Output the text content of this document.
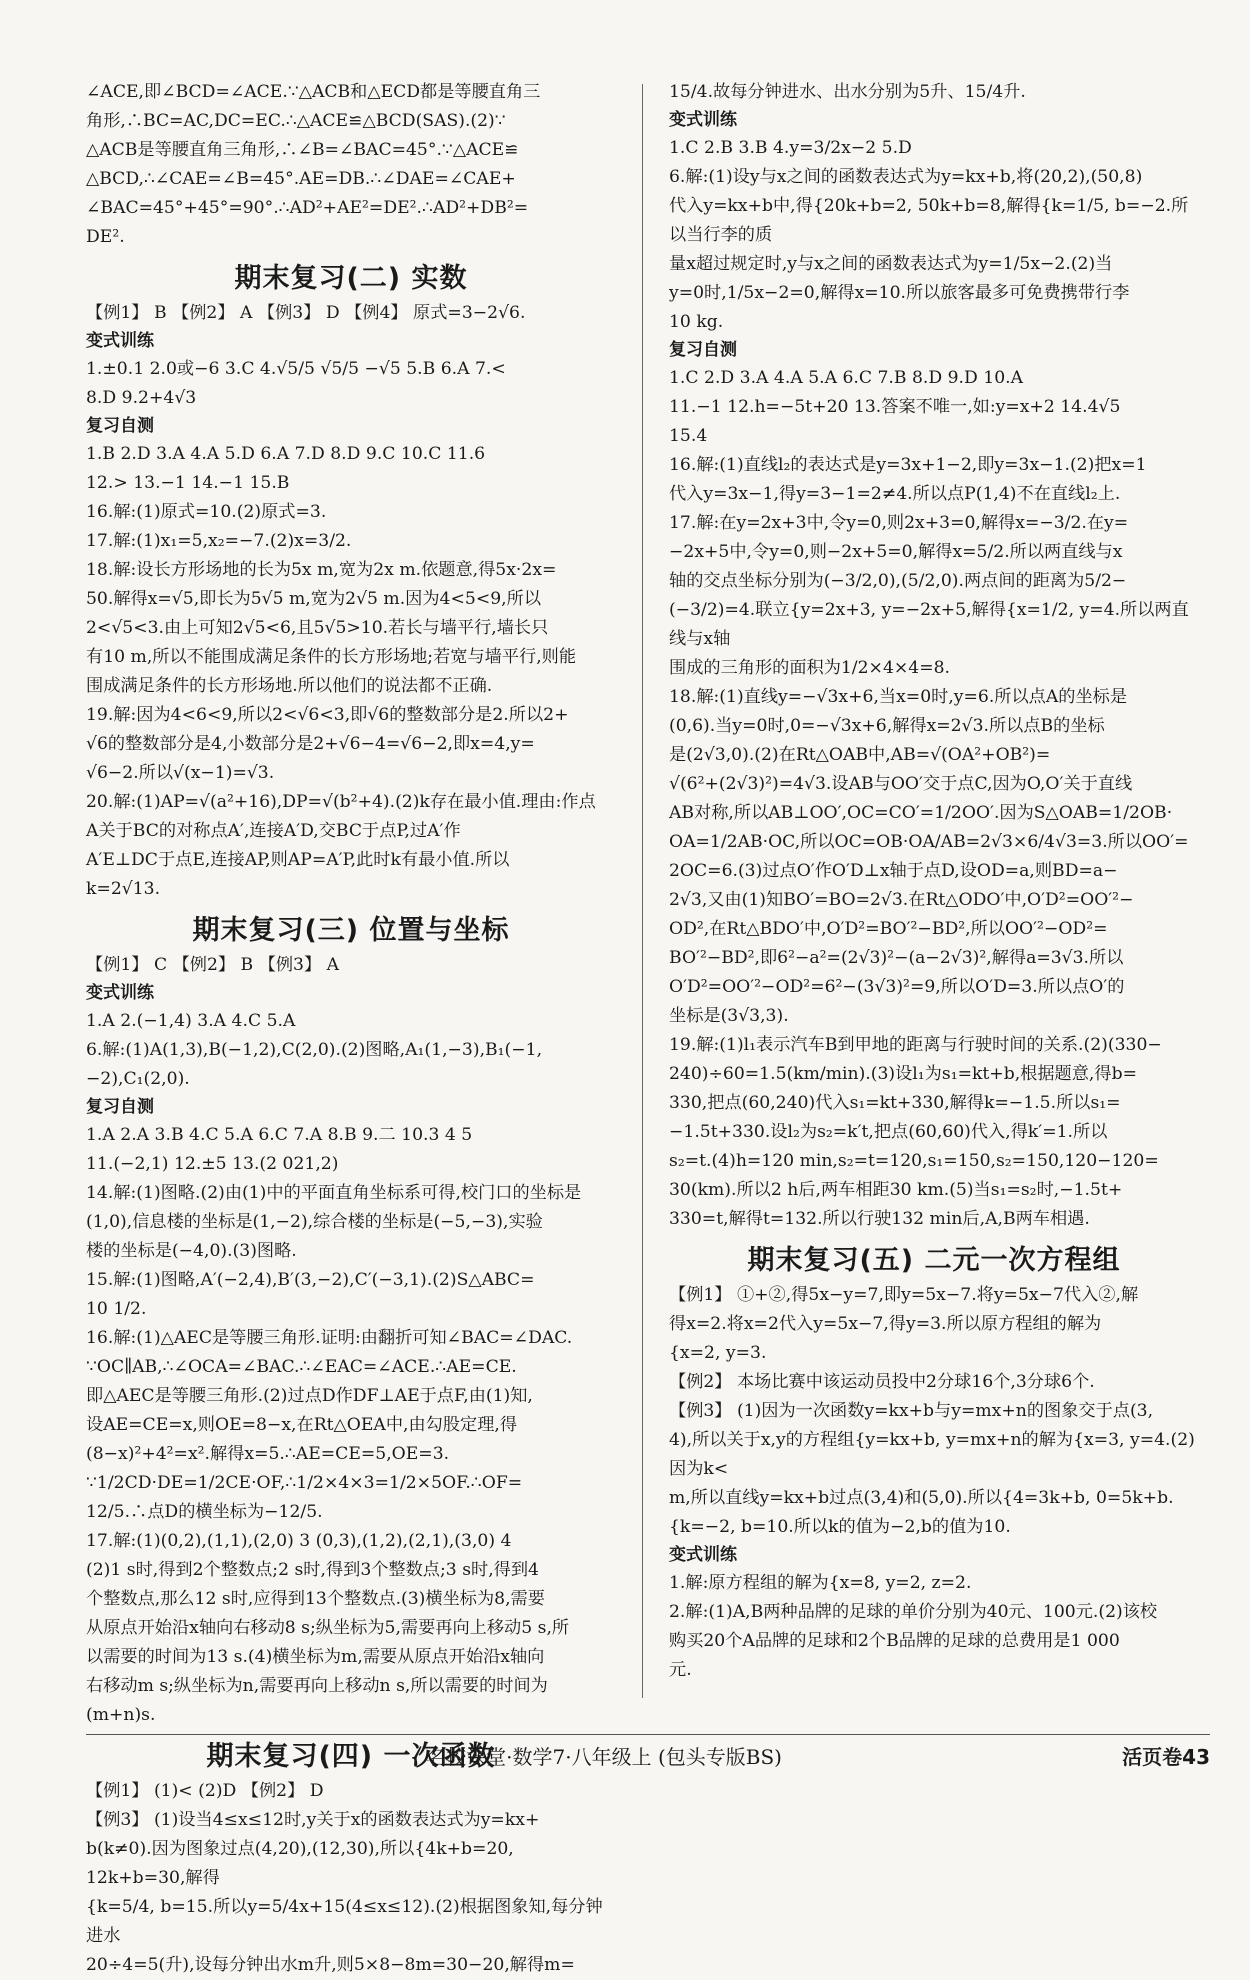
∠ACE,即∠BCD=∠ACE.∵△ACB和△ECD都是等腰直角三

角形,∴BC=AC,DC=EC.∴△ACE≌△BCD(SAS).(2)∵

△ACB是等腰直角三角形,∴∠B=∠BAC=45°.∵△ACE≌

△BCD,∴∠CAE=∠B=45°.AE=DB.∴∠DAE=∠CAE+

∠BAC=45°+45°=90°.∴AD²+AE²=DE².∴AD²+DB²=

DE².

期末复习(二) 实数

【例1】 B 【例2】 A 【例3】 D 【例4】 原式=3−2√6.

变式训练

1.±0.1 2.0或−6 3.C 4.√5/5 √5/5 −√5 5.B 6.A 7.<

8.D 9.2+4√3

复习自测

1.B 2.D 3.A 4.A 5.D 6.A 7.D 8.D 9.C 10.C 11.6

12.> 13.−1 14.−1 15.B

16.解:(1)原式=10.(2)原式=3.

17.解:(1)x₁=5,x₂=−7.(2)x=3/2.

18.解:设长方形场地的长为5x m,宽为2x m.依题意,得5x·2x=

50.解得x=√5,即长为5√5 m,宽为2√5 m.因为4<5<9,所以

2<√5<3.由上可知2√5<6,且5√5>10.若长与墙平行,墙长只

有10 m,所以不能围成满足条件的长方形场地;若宽与墙平行,则能

围成满足条件的长方形场地.所以他们的说法都不正确.

19.解:因为4<6<9,所以2<√6<3,即√6的整数部分是2.所以2+

√6的整数部分是4,小数部分是2+√6−4=√6−2,即x=4,y=

√6−2.所以√(x−1)=√3.

20.解:(1)AP=√(a²+16),DP=√(b²+4).(2)k存在最小值.理由:作点

A关于BC的对称点A′,连接A′D,交BC于点P,过A′作

A′E⊥DC于点E,连接AP,则AP=A′P,此时k有最小值.所以

k=2√13.

期末复习(三) 位置与坐标

【例1】 C 【例2】 B 【例3】 A

变式训练

1.A 2.(−1,4) 3.A 4.C 5.A

6.解:(1)A(1,3),B(−1,2),C(2,0).(2)图略,A₁(1,−3),B₁(−1,

−2),C₁(2,0).

复习自测

1.A 2.A 3.B 4.C 5.A 6.C 7.A 8.B 9.二 10.3 4 5

11.(−2,1) 12.±5 13.(2 021,2)

14.解:(1)图略.(2)由(1)中的平面直角坐标系可得,校门口的坐标是

(1,0),信息楼的坐标是(1,−2),综合楼的坐标是(−5,−3),实验

楼的坐标是(−4,0).(3)图略.

15.解:(1)图略,A′(−2,4),B′(3,−2),C′(−3,1).(2)S△ABC=

10 1/2.

16.解:(1)△AEC是等腰三角形.证明:由翻折可知∠BAC=∠DAC.

∵OC∥AB,∴∠OCA=∠BAC.∴∠EAC=∠ACE.∴AE=CE.

即△AEC是等腰三角形.(2)过点D作DF⊥AE于点F,由(1)知,

设AE=CE=x,则OE=8−x,在Rt△OEA中,由勾股定理,得

(8−x)²+4²=x².解得x=5.∴AE=CE=5,OE=3.

∵1/2CD·DE=1/2CE·OF,∴1/2×4×3=1/2×5OF.∴OF=

12/5.∴点D的横坐标为−12/5.

17.解:(1)(0,2),(1,1),(2,0) 3 (0,3),(1,2),(2,1),(3,0) 4

(2)1 s时,得到2个整数点;2 s时,得到3个整数点;3 s时,得到4

个整数点,那么12 s时,应得到13个整数点.(3)横坐标为8,需要

从原点开始沿x轴向右移动8 s;纵坐标为5,需要再向上移动5 s,所

以需要的时间为13 s.(4)横坐标为m,需要从原点开始沿x轴向

右移动m s;纵坐标为n,需要再向上移动n s,所以需要的时间为

(m+n)s.

期末复习(四) 一次函数

【例1】 (1)< (2)D 【例2】 D

【例3】 (1)设当4≤x≤12时,y关于x的函数表达式为y=kx+

b(k≠0).因为图象过点(4,20),(12,30),所以{4k+b=20, 12k+b=30,解得

{k=5/4, b=15.所以y=5/4x+15(4≤x≤12).(2)根据图象知,每分钟进水

20÷4=5(升),设每分钟出水m升,则5×8−8m=30−20,解得m=

15/4.故每分钟进水、出水分别为5升、15/4升.

变式训练

1.C 2.B 3.B 4.y=3/2x−2 5.D

6.解:(1)设y与x之间的函数表达式为y=kx+b,将(20,2),(50,8)

代入y=kx+b中,得{20k+b=2, 50k+b=8,解得{k=1/5, b=−2.所以当行李的质

量x超过规定时,y与x之间的函数表达式为y=1/5x−2.(2)当

y=0时,1/5x−2=0,解得x=10.所以旅客最多可免费携带行李

10 kg.

复习自测

1.C 2.D 3.A 4.A 5.A 6.C 7.B 8.D 9.D 10.A

11.−1 12.h=−5t+20 13.答案不唯一,如:y=x+2 14.4√5

15.4

16.解:(1)直线l₂的表达式是y=3x+1−2,即y=3x−1.(2)把x=1

代入y=3x−1,得y=3−1=2≠4.所以点P(1,4)不在直线l₂上.

17.解:在y=2x+3中,令y=0,则2x+3=0,解得x=−3/2.在y=

−2x+5中,令y=0,则−2x+5=0,解得x=5/2.所以两直线与x

轴的交点坐标分别为(−3/2,0),(5/2,0).两点间的距离为5/2−

(−3/2)=4.联立{y=2x+3, y=−2x+5,解得{x=1/2, y=4.所以两直线与x轴

围成的三角形的面积为1/2×4×4=8.

18.解:(1)直线y=−√3x+6,当x=0时,y=6.所以点A的坐标是

(0,6).当y=0时,0=−√3x+6,解得x=2√3.所以点B的坐标

是(2√3,0).(2)在Rt△OAB中,AB=√(OA²+OB²)=

√(6²+(2√3)²)=4√3.设AB与OO′交于点C,因为O,O′关于直线

AB对称,所以AB⊥OO′,OC=CO′=1/2OO′.因为S△OAB=1/2OB·

OA=1/2AB·OC,所以OC=OB·OA/AB=2√3×6/4√3=3.所以OO′=

2OC=6.(3)过点O′作O′D⊥x轴于点D,设OD=a,则BD=a−

2√3,又由(1)知BO′=BO=2√3.在Rt△ODO′中,O′D²=OO′²−

OD²,在Rt△BDO′中,O′D²=BO′²−BD²,所以OO′²−OD²=

BO′²−BD²,即6²−a²=(2√3)²−(a−2√3)²,解得a=3√3.所以

O′D²=OO′²−OD²=6²−(3√3)²=9,所以O′D=3.所以点O′的

坐标是(3√3,3).

19.解:(1)l₁表示汽车B到甲地的距离与行驶时间的关系.(2)(330−

240)÷60=1.5(km/min).(3)设l₁为s₁=kt+b,根据题意,得b=

330,把点(60,240)代入s₁=kt+330,解得k=−1.5.所以s₁=

−1.5t+330.设l₂为s₂=k′t,把点(60,60)代入,得k′=1.所以

s₂=t.(4)h=120 min,s₂=t=120,s₁=150,s₂=150,120−120=

30(km).所以2 h后,两车相距30 km.(5)当s₁=s₂时,−1.5t+

330=t,解得t=132.所以行驶132 min后,A,B两车相遇.

期末复习(五) 二元一次方程组

【例1】 ①+②,得5x−y=7,即y=5x−7.将y=5x−7代入②,解

得x=2.将x=2代入y=5x−7,得y=3.所以原方程组的解为

{x=2, y=3.

【例2】 本场比赛中该运动员投中2分球16个,3分球6个.

【例3】 (1)因为一次函数y=kx+b与y=mx+n的图象交于点(3,

4),所以关于x,y的方程组{y=kx+b, y=mx+n的解为{x=3, y=4.(2)因为k<

m,所以直线y=kx+b过点(3,4)和(5,0).所以{4=3k+b, 0=5k+b.

{k=−2, b=10.所以k的值为−2,b的值为10.

变式训练

1.解:原方程组的解为{x=8, y=2, z=2.

2.解:(1)A,B两种品牌的足球的单价分别为40元、100元.(2)该校

购买20个A品牌的足球和2个B品牌的足球的总费用是1 000

元.

名校课堂·数学7·八年级上 (包头专版BS)	活页卷43
